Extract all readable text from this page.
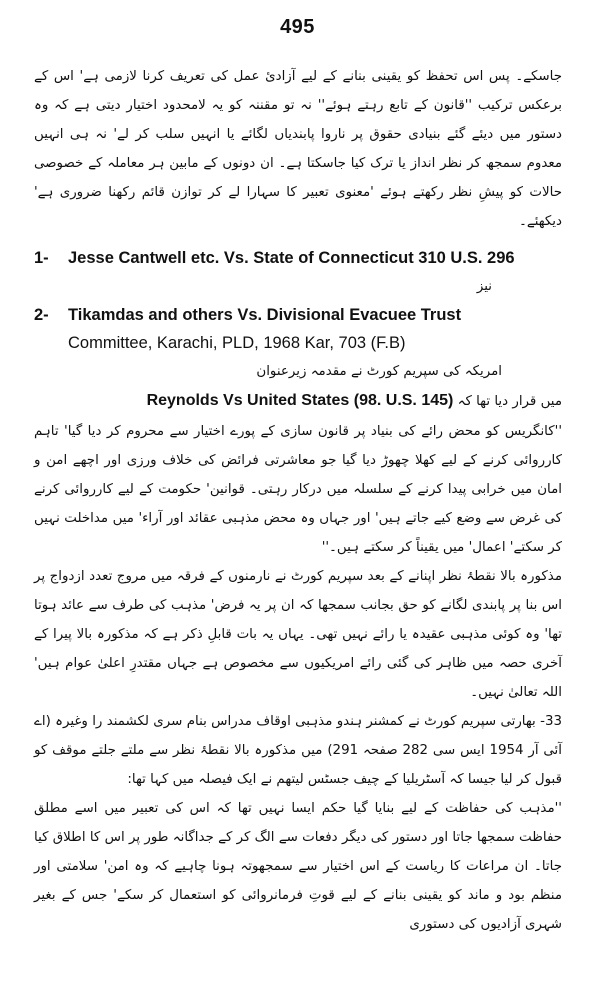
495

جاسکے۔ پس اس تحفظ کو یقینی بنانے کے لیے آزادیٔ عمل کی تعریف کرنا لازمی ہے' اس کے برعکس ترکیب ''قانون کے تابع رہتے ہوئے'' نہ تو مقننہ کو یہ لامحدود اختیار دیتی ہے کہ وہ دستور میں دیئے گئے بنیادی حقوق پر ناروا پابندیاں لگائے یا انہیں سلب کر لے' نہ ہی انہیں معدوم سمجھ کر نظر انداز یا ترک کیا جاسکتا ہے۔ ان دونوں کے مابین ہر معاملہ کے خصوصی حالات کو پیشِ نظر رکھتے ہوئے 'معنوی تعبیر کا سہارا لے کر توازن قائم رکھنا ضروری ہے' دیکھئے۔

1- Jesse Cantwell etc. Vs. State of Connecticut 310 U.S. 296

نیز

2- Tikamdas and others Vs. Divisional Evacuee Trust
Committee, Karachi, PLD, 1968 Kar, 703 (F.B)

امریکہ کی سپریم کورٹ نے مقدمہ زیرعنوان

میں قرار دیا تھا کہ Reynolds Vs United States (98. U.S. 145)

''کانگریس کو محض رائے کی بنیاد پر قانون سازی کے پورے اختیار سے محروم کر دیا گیا' تاہم کارروائی کرنے کے لیے کھلا چھوڑ دیا گیا جو معاشرتی فرائض کی خلاف ورزی اور اچھے امن و امان میں خرابی پیدا کرنے کے سلسلہ میں درکار رہتی۔ قوانین' حکومت کے لیے کارروائی کرنے کی غرض سے وضع کیے جاتے ہیں' اور جہاں وہ محض مذہبی عقائد اور آراء' میں مداخلت نہیں کر سکتے' اعمال' میں یقیناً کر سکتے ہیں۔''

مذکورہ بالا نقطۂ نظر اپنانے کے بعد سپریم کورٹ نے نارمنوں کے فرقہ میں مروج تعدد ازدواج پر اس بنا پر پابندی لگانے کو حق بجانب سمجھا کہ ان پر یہ فرض' مذہب کی طرف سے عائد ہوتا تھا' وہ کوئی مذہبی عقیدہ یا رائے نہیں تھی۔ یہاں یہ بات قابلِ ذکر ہے کہ مذکورہ بالا پیرا کے آخری حصہ میں ظاہر کی گئی رائے امریکیوں سے مخصوص ہے جہاں مقتدرِ اعلیٰ عوام ہیں' اللہ تعالیٰ نہیں۔

33- بھارتی سپریم کورٹ نے کمشنر ہندو مذہبی اوقاف مدراس بنام سری لکشمند را وغیرہ (اے آئی آر 1954 ایس سی 282 صفحہ 291) میں مذکورہ بالا نقطۂ نظر سے ملتے جلتے موقف کو قبول کر لیا جیسا کہ آسٹریلیا کے چیف جسٹس لیتھم نے ایک فیصلہ میں کہا تھا:

''مذہب کی حفاظت کے لیے بنایا گیا حکم ایسا نہیں تھا کہ اس کی تعبیر میں اسے مطلق حفاظت سمجھا جاتا اور دستور کی دیگر دفعات سے الگ کر کے جداگانہ طور پر اس کا اطلاق کیا جاتا۔ ان مراعات کا ریاست کے اس اختیار سے سمجھوتہ ہونا چاہیے کہ وہ امن' سلامتی اور منظم بود و ماند کو یقینی بنانے کے لیے قوتِ فرمانروائی کو استعمال کر سکے' جس کے بغیر شہری آزادیوں کی دستوری
